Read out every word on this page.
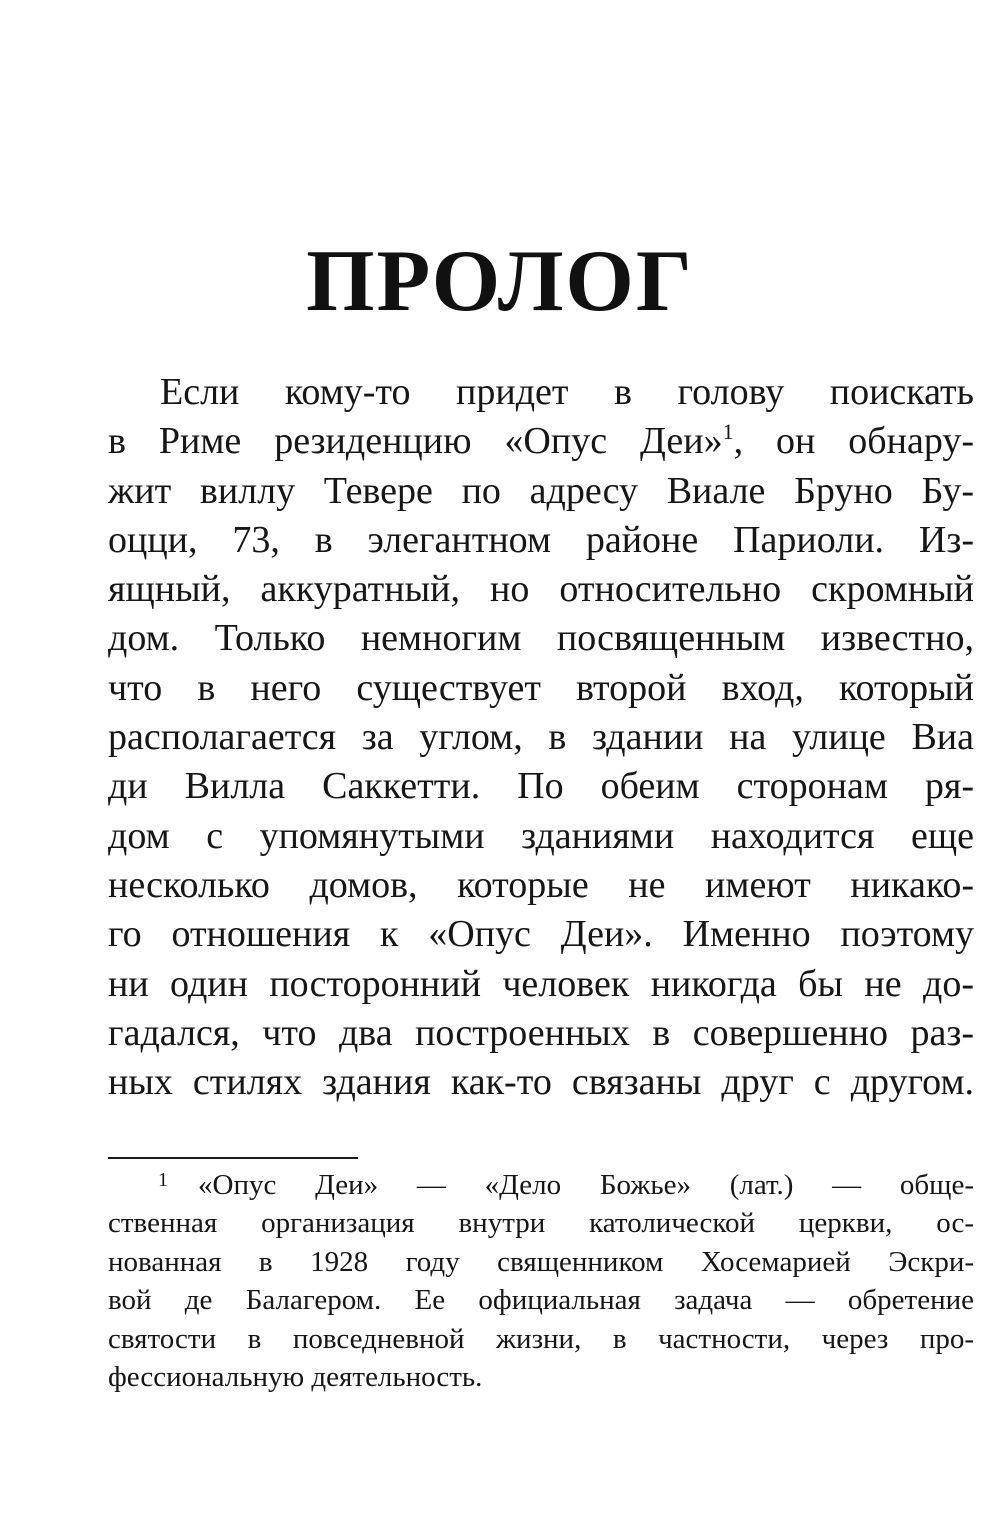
ПРОЛОГ
Если кому-то придет в голову поискать
в Риме резиденцию «Опус Деи»$^1$, он обнару-
жит виллу Тевере по адресу Виале Бруно Бу-
оцци, 73, в элегантном районе Париоли. Из-
ящный, аккуратный, но относительно скромный
дом. Только немногим посвященным известно,
что в него существует второй вход, который
располагается за углом, в здании на улице Виа
ди Вилла Саккетти. По обеим сторонам ря-
дом с упомянутыми зданиями находится еще
несколько домов, которые не имеют никако-
го отношения к «Опус Деи». Именно поэтому
ни один посторонний человек никогда бы не до-
гадался, что два построенных в совершенно раз-
ных стилях здания как-то связаны друг с другом.
1 «Опус Деи» — «Дело Божье» (лат.) — обще-
ственная организация внутри католической церкви, ос-
нованная в 1928 году священником Хосемарией Эскри-
вой де Балагером. Ее официальная задача — обретение
святости в повседневной жизни, в частности, через про-
фессиональную деятельность.
